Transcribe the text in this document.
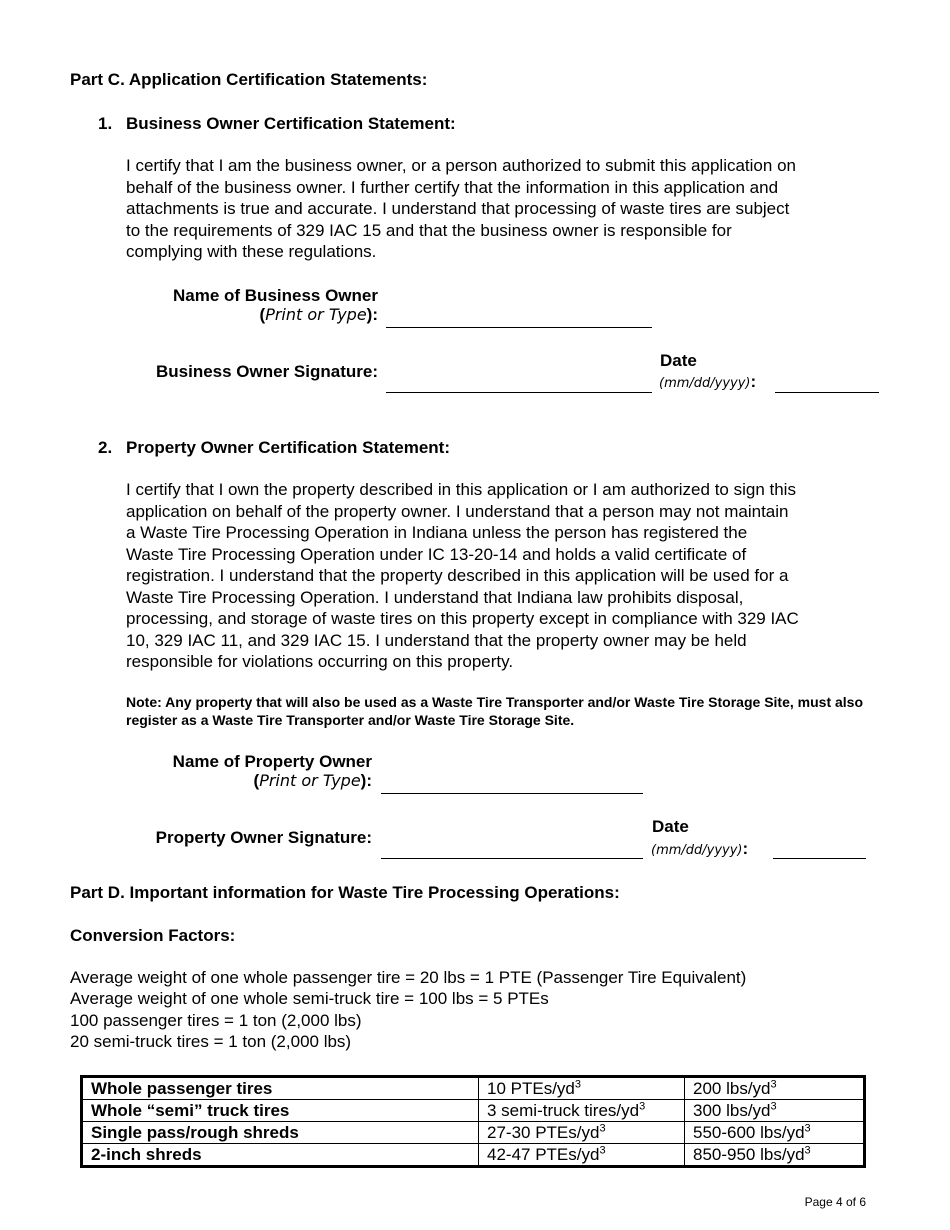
Part C. Application Certification Statements:
1. Business Owner Certification Statement:
I certify that I am the business owner, or a person authorized to submit this application on
behalf of the business owner. I further certify that the information in this application and
attachments is true and accurate. I understand that processing of waste tires are subject
to the requirements of 329 IAC 15 and that the business owner is responsible for
complying with these regulations.
Name of Business Owner
(Print or Type):
Business Owner Signature:
Date
(mm/dd/yyyy):
2. Property Owner Certification Statement:
I certify that I own the property described in this application or I am authorized to sign this
application on behalf of the property owner. I understand that a person may not maintain
a Waste Tire Processing Operation in Indiana unless the person has registered the
Waste Tire Processing Operation under IC 13-20-14 and holds a valid certificate of
registration. I understand that the property described in this application will be used for a
Waste Tire Processing Operation. I understand that Indiana law prohibits disposal,
processing, and storage of waste tires on this property except in compliance with 329 IAC
10, 329 IAC 11, and 329 IAC 15. I understand that the property owner may be held
responsible for violations occurring on this property.
Note: Any property that will also be used as a Waste Tire Transporter and/or Waste Tire Storage Site, must also register as a Waste Tire Transporter and/or Waste Tire Storage Site.
Name of Property Owner
(Print or Type):
Property Owner Signature:
Date
(mm/dd/yyyy):
Part D. Important information for Waste Tire Processing Operations:
Conversion Factors:
Average weight of one whole passenger tire = 20 lbs = 1 PTE (Passenger Tire Equivalent)
Average weight of one whole semi-truck tire = 100 lbs = 5 PTEs
100 passenger tires = 1 ton (2,000 lbs)
20 semi-truck tires = 1 ton (2,000 lbs)
Whole passenger tires	10 PTEs/$yd^3$	200 lbs/$yd^3$
Whole “semi” truck tires	3 semi-truck tires/$yd^3$	300 lbs/$yd^3$
Single pass/rough shreds	27-30 PTEs/$yd^3$	550-600 lbs/$yd^3$
2-inch shreds	42-47 PTEs/$yd^3$	850-950 lbs/$yd^3$
Page 4 of 6
